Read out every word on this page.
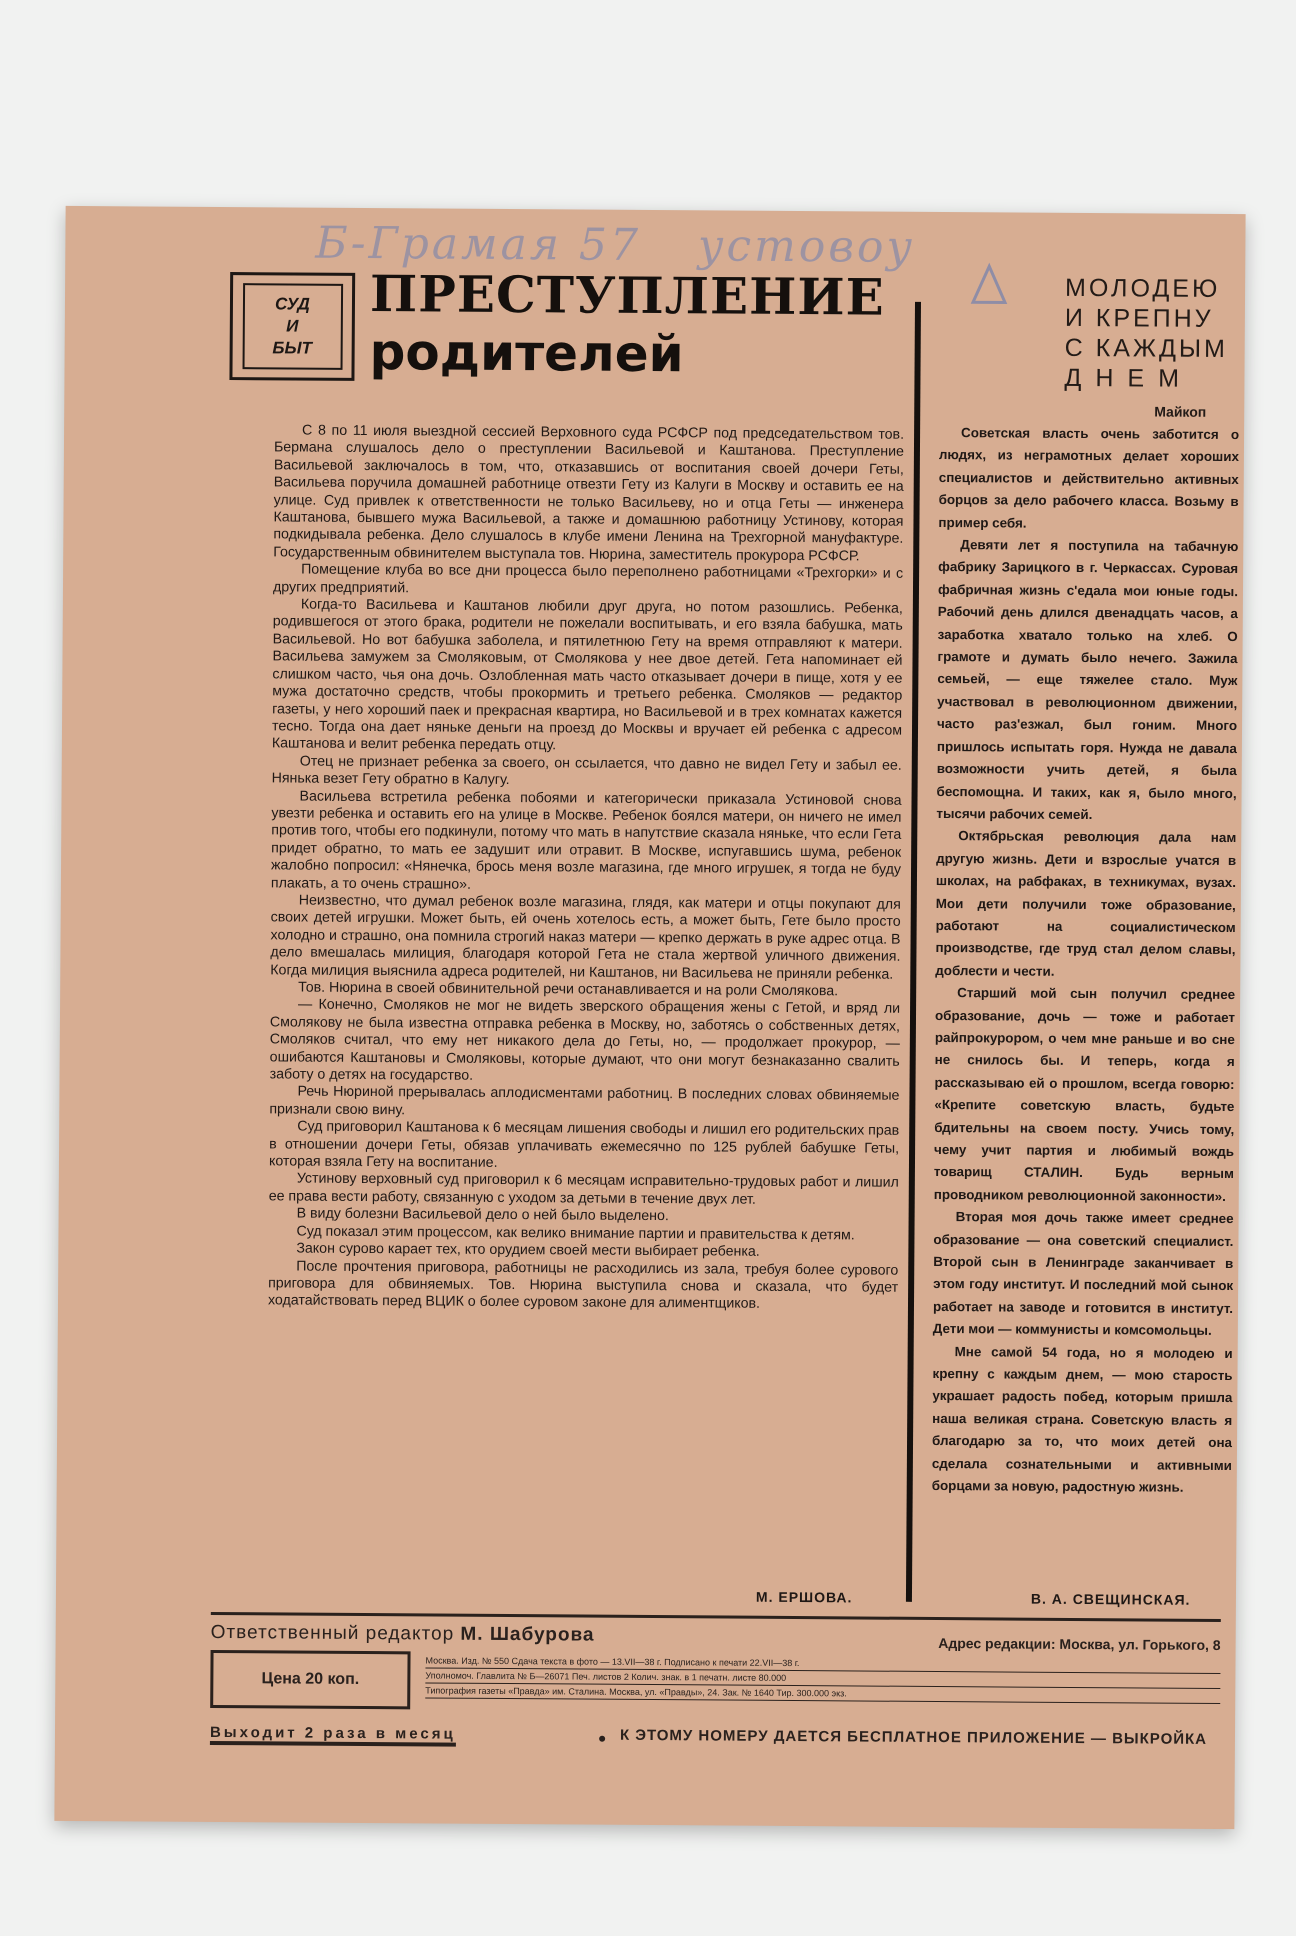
Б-Грамая 57 устовоу
СУД
И
БЫТ
ПРЕСТУПЛЕНИЕ
родителей
МОЛОДЕЮ
И КРЕПНУ
С КАЖДЫМ
ДНЕМ
Майкоп

С 8 по 11 июля выездной сессией Верховного суда РСФСР под председательством тов. Бермана слушалось дело о преступлении Васильевой и Каштанова. Преступление Васильевой заключалось в том, что, отказавшись от воспитания своей дочери Геты, Васильева поручила домашней работнице отвезти Гету из Калуги в Москву и оставить ее на улице. Суд привлек к ответственности не только Васильеву, но и отца Геты — инженера Каштанова, бывшего мужа Васильевой, а также и домашнюю работницу Устинову, которая подкидывала ребенка. Дело слушалось в клубе имени Ленина на Трехгорной мануфактуре. Государственным обвинителем выступала тов. Нюрина, заместитель прокурора РСФСР.

Помещение клуба во все дни процесса было переполнено работницами «Трехгорки» и с других предприятий.

Когда-то Васильева и Каштанов любили друг друга, но потом разошлись. Ребенка, родившегося от этого брака, родители не пожелали воспитывать, и его взяла бабушка, мать Васильевой. Но вот бабушка заболела, и пятилетнюю Гету на время отправляют к матери. Васильева замужем за Смоляковым, от Смолякова у нее двое детей. Гета напоминает ей слишком часто, чья она дочь. Озлобленная мать часто отказывает дочери в пище, хотя у ее мужа достаточно средств, чтобы прокормить и третьего ребенка. Смоляков — редактор газеты, у него хороший паек и прекрасная квартира, но Васильевой и в трех комнатах кажется тесно. Тогда она дает няньке деньги на проезд до Москвы и вручает ей ребенка с адресом Каштанова и велит ребенка передать отцу.

Отец не признает ребенка за своего, он ссылается, что давно не видел Гету и забыл ее. Нянька везет Гету обратно в Калугу.

Васильева встретила ребенка побоями и категорически приказала Устиновой снова увезти ребенка и оставить его на улице в Москве. Ребенок боялся матери, он ничего не имел против того, чтобы его подкинули, потому что мать в напутствие сказала няньке, что если Гета придет обратно, то мать ее задушит или отравит. В Москве, испугавшись шума, ребенок жалобно попросил: «Нянечка, брось меня возле магазина, где много игрушек, я тогда не буду плакать, а то очень страшно».

Неизвестно, что думал ребенок возле магазина, глядя, как матери и отцы покупают для своих детей игрушки. Может быть, ей очень хотелось есть, а может быть, Гете было просто холодно и страшно, она помнила строгий наказ матери — крепко держать в руке адрес отца. В дело вмешалась милиция, благодаря которой Гета не стала жертвой уличного движения. Когда милиция выяснила адреса родителей, ни Каштанов, ни Васильева не приняли ребенка.

Тов. Нюрина в своей обвинительной речи останавливается и на роли Смолякова.

— Конечно, Смоляков не мог не видеть зверского обращения жены с Гетой, и вряд ли Смолякову не была известна отправка ребенка в Москву, но, заботясь о собственных детях, Смоляков считал, что ему нет никакого дела до Геты, но, — продолжает прокурор, — ошибаются Каштановы и Смоляковы, которые думают, что они могут безнаказанно свалить заботу о детях на государство.

Речь Нюриной прерывалась аплодисментами работниц. В последних словах обвиняемые признали свою вину.

Суд приговорил Каштанова к 6 месяцам лишения свободы и лишил его родительских прав в отношении дочери Геты, обязав уплачивать ежемесячно по 125 рублей бабушке Геты, которая взяла Гету на воспитание.

Устинову верховный суд приговорил к 6 месяцам исправительно-трудовых работ и лишил ее права вести работу, связанную с уходом за детьми в течение двух лет.

В виду болезни Васильевой дело о ней было выделено.

Суд показал этим процессом, как велико внимание партии и правительства к детям.

Закон сурово карает тех, кто орудием своей мести выбирает ребенка.

После прочтения приговора, работницы не расходились из зала, требуя более сурового приговора для обвиняемых. Тов. Нюрина выступила снова и сказала, что будет ходатайствовать перед ВЦИК о более суровом законе для алиментщиков.

М. ЕРШОВА.

Советская власть очень заботится о людях, из неграмотных делает хороших специалистов и действительно активных борцов за дело рабочего класса. Возьму в пример себя.

Девяти лет я поступила на табачную фабрику Зарицкого в г. Черкассах. Суровая фабричная жизнь с'едала мои юные годы. Рабочий день длился двенадцать часов, а заработка хватало только на хлеб. О грамоте и думать было нечего. Зажила семьей, — еще тяжелее стало. Муж участвовал в революционном движении, часто раз'езжал, был гоним. Много пришлось испытать горя. Нужда не давала возможности учить детей, я была беспомощна. И таких, как я, было много, тысячи рабочих семей.

Октябрьская революция дала нам другую жизнь. Дети и взрослые учатся в школах, на рабфаках, в техникумах, вузах. Мои дети получили тоже образование, работают на социалистическом производстве, где труд стал делом славы, доблести и чести.

Старший мой сын получил среднее образование, дочь — тоже и работает райпрокурором, о чем мне раньше и во сне не снилось бы. И теперь, когда я рассказываю ей о прошлом, всегда говорю: «Крепите советскую власть, будьте бдительны на своем посту. Учись тому, чему учит партия и любимый вождь товарищ СТАЛИН. Будь верным проводником революционной законности».

Вторая моя дочь также имеет среднее образование — она советский специалист. Второй сын в Ленинграде заканчивает в этом году институт. И последний мой сынок работает на заводе и готовится в институт. Дети мои — коммунисты и комсомольцы.

Мне самой 54 года, но я молодею и крепну с каждым днем, — мою старость украшает радость побед, которым пришла наша великая страна. Советскую власть я благодарю за то, что моих детей она сделала сознательными и активными борцами за новую, радостную жизнь.

В. А. СВЕЩИНСКАЯ.
Ответственный редактор М. Шабурова	Адрес редакции: Москва, ул. Горького, 8
Цена 20 коп.
Москва. Изд. № 550 Сдача текста в фото — 13.VII—38 г. Подписано к печати 22.VII—38 г.
Уполномоч. Главлита № Б—26071 Печ. листов 2 Колич. знак. в 1 печатн. листе 80.000
Типография газеты «Правда» им. Сталина. Москва, ул. «Правды», 24. Зак. № 1640 Тир. 300.000 экз.
Выходит 2 раза в месяц	● К ЭТОМУ НОМЕРУ ДАЕТСЯ БЕСПЛАТНОЕ ПРИЛОЖЕНИЕ — ВЫКРОЙКА
